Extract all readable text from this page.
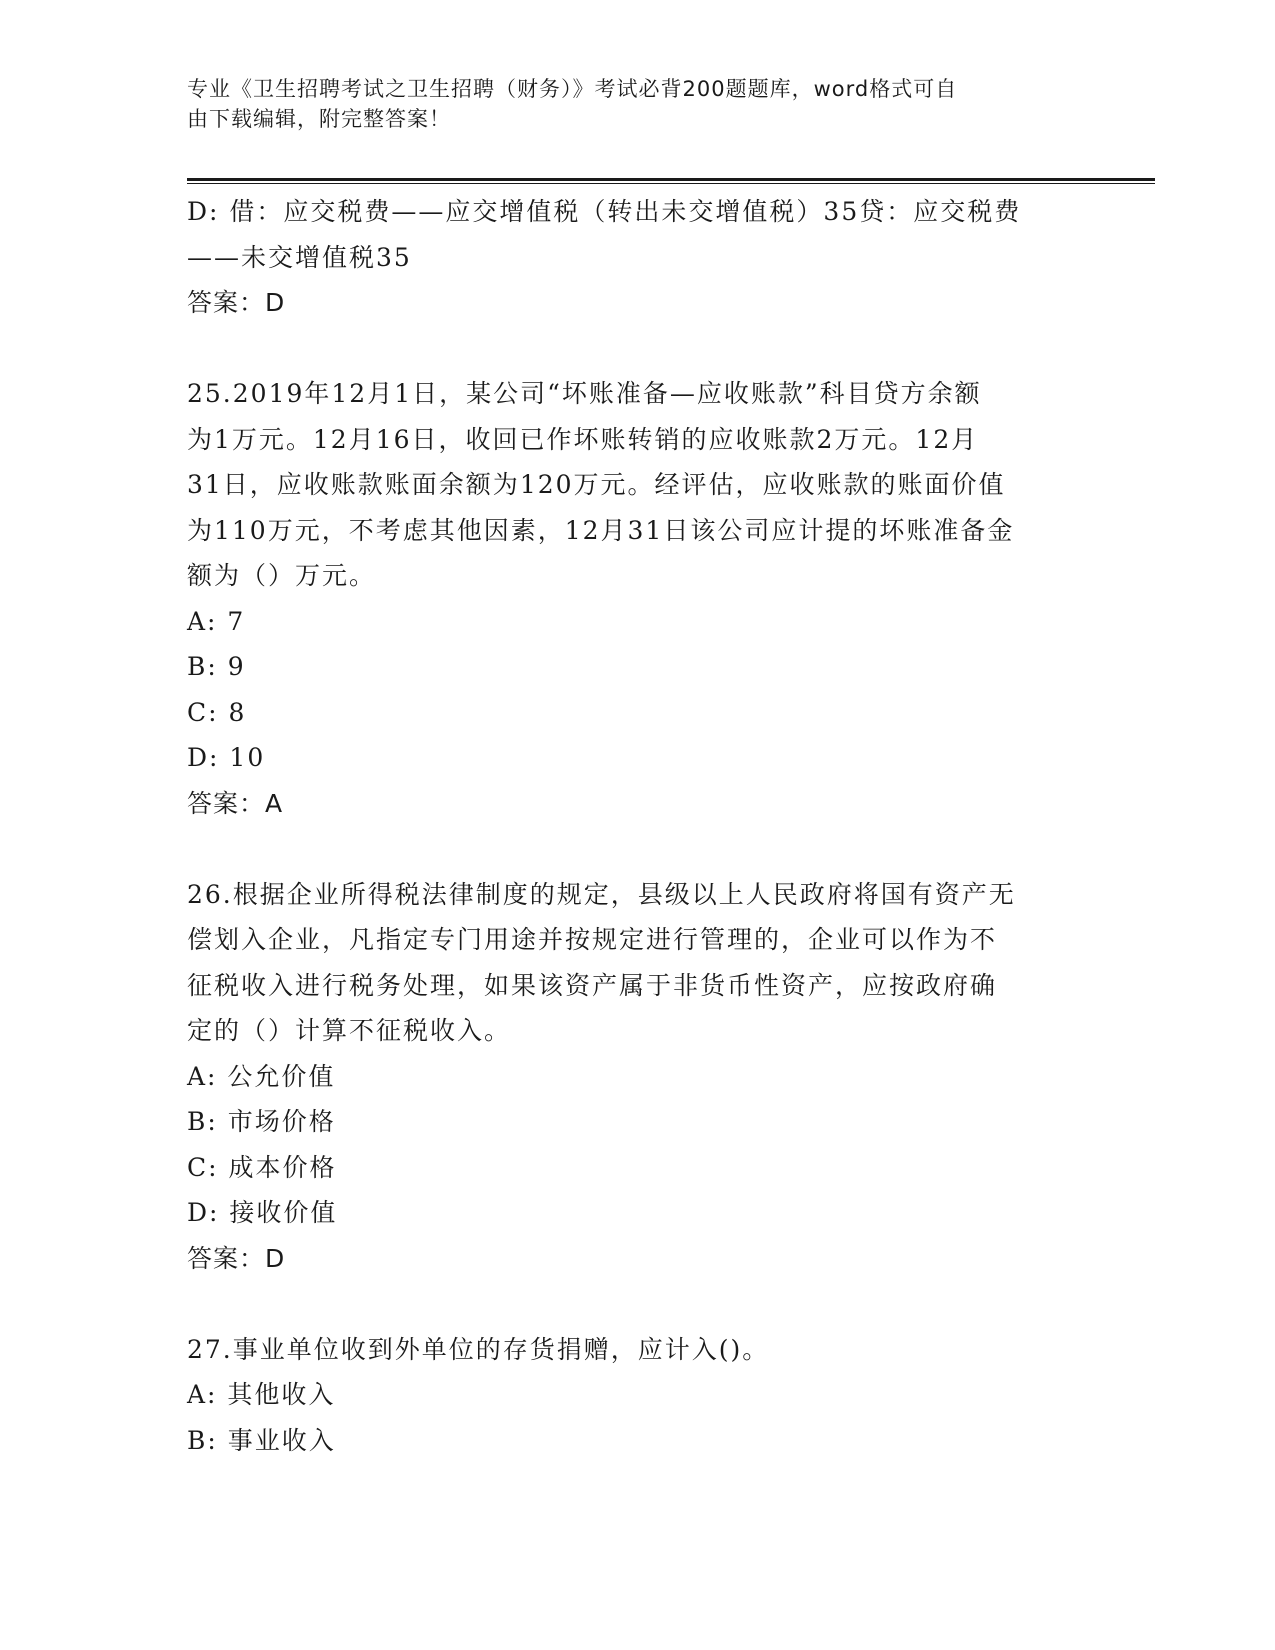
专业《卫生招聘考试之卫生招聘（财务）》考试必背200题题库，word格式可自
由下载编辑，附完整答案！
D: 借：应交税费——应交增值税（转出未交增值税）35贷：应交税费
——未交增值税35
答案：D
25.2019年12月1日，某公司“坏账准备—应收账款”科目贷方余额
为1万元。12月16日，收回已作坏账转销的应收账款2万元。12月
31日，应收账款账面余额为120万元。经评估，应收账款的账面价值
为110万元，不考虑其他因素，12月31日该公司应计提的坏账准备金
额为（）万元。
A: 7
B: 9
C: 8
D: 10
答案：A
26.根据企业所得税法律制度的规定，县级以上人民政府将国有资产无
偿划入企业，凡指定专门用途并按规定进行管理的，企业可以作为不
征税收入进行税务处理，如果该资产属于非货币性资产，应按政府确
定的（）计算不征税收入。
A: 公允价值
B: 市场价格
C: 成本价格
D: 接收价值
答案：D
27.事业单位收到外单位的存货捐赠，应计入()。
A: 其他收入
B: 事业收入
